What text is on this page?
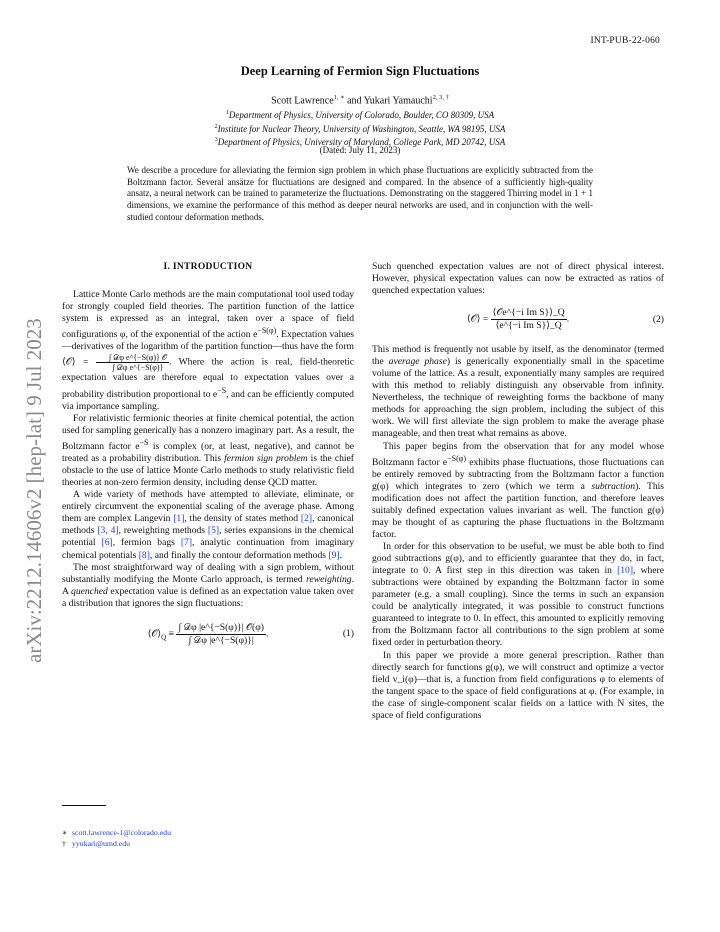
INT-PUB-22-060
arXiv:2212.14606v2 [hep-lat] 9 Jul 2023
Deep Learning of Fermion Sign Fluctuations
Scott Lawrence$^{1, ∗}$ and Yukari Yamauchi$^{2, 3, \dagger}$
$^1$Department of Physics, University of Colorado, Boulder, CO 80309, USA
$^2$Institute for Nuclear Theory, University of Washington, Seattle, WA 98195, USA
$^3$Department of Physics, University of Maryland, College Park, MD 20742, USA
(Dated: July 11, 2023)
We describe a procedure for alleviating the fermion sign problem in which phase fluctuations are explicitly subtracted from the Boltzmann factor. Several ansätze for fluctuations are designed and compared. In the absence of a sufficiently high-quality ansatz, a neural network can be trained to parameterize the fluctuations. Demonstrating on the staggered Thirring model in 1 + 1 dimensions, we examine the performance of this method as deeper neural networks are used, and in conjunction with the well-studied contour deformation methods.
I. INTRODUCTION

Lattice Monte Carlo methods are the main computational tool used today for strongly coupled field theories. The partition function of the lattice system is expressed as an integral, taken over a space of field configurations φ, of the exponential of the action $e^{-S(\varphi)}$. Expectation values—derivatives of the logarithm of the partition function—thus have the form ⟨𝒪⟩ = $\frac{\text{∫ 𝒟φ e\textasciicircum{}\{−S(φ)\} 𝒪}}{\text{∫ 𝒟φ e\textasciicircum{}\{−S(φ)\}}}$ . Where the action is real, field-theoretic expectation values are therefore equal to expectation values over a probability distribution proportional to $e^{-S}$, and can be efficiently computed via importance sampling.

For relativistic fermionic theories at finite chemical potential, the action used for sampling generically has a nonzero imaginary part. As a result, the Boltzmann factor $e^{-S}$ is complex (or, at least, negative), and cannot be treated as a probability distribution. This fermion sign problem is the chief obstacle to the use of lattice Monte Carlo methods to study relativistic field theories at non-zero fermion density, including dense QCD matter.

A wide variety of methods have attempted to alleviate, eliminate, or entirely circumvent the exponential scaling of the average phase. Among them are complex Langevin [1], the density of states method [2], canonical methods [3, 4], reweighting methods [5], series expansions in the chemical potential [6], fermion bags [7], analytic continuation from imaginary chemical potentials [8], and finally the contour deformation methods [9].

The most straightforward way of dealing with a sign problem, without substantially modifying the Monte Carlo approach, is termed reweighting. A quenched expectation value is defined as an expectation value taken over a distribution that ignores the sign fluctuations:

$⟨𝒪⟩_Q \equiv \frac{\text{∫ 𝒟φ |e\textasciicircum{}\{−S(φ)\}| 𝒪(φ)}}{\text{∫ 𝒟φ |e\textasciicircum{}\{−S(φ)\}|}}$ .	(1)

Such quenched expectation values are not of direct physical interest. However, physical expectation values can now be extracted as ratios of quenched expectation values:

⟨𝒪⟩ = $\frac{\text{⟨𝒪e\textasciicircum{}\{−i Im S\}⟩\_Q}}{\text{⟨e\textasciicircum{}\{−i Im S\}⟩\_Q}}$ .	(2)

This method is frequently not usable by itself, as the denominator (termed the average phase) is generically exponentially small in the spacetime volume of the lattice. As a result, exponentially many samples are required with this method to reliably distinguish any observable from infinity. Nevertheless, the technique of reweighting forms the backbone of many methods for approaching the sign problem, including the subject of this work. We will first alleviate the sign problem to make the average phase manageable, and then treat what remains as above.

This paper begins from the observation that for any model whose Boltzmann factor $e^{-S(\varphi)}$ exhibits phase fluctuations, those fluctuations can be entirely removed by subtracting from the Boltzmann factor a function g(φ) which integrates to zero (which we term a subtraction). This modification does not affect the partition function, and therefore leaves suitably defined expectation values invariant as well. The function g(φ) may be thought of as capturing the phase fluctuations in the Boltzmann factor.

In order for this observation to be useful, we must be able both to find good subtractions g(φ), and to efficiently guarantee that they do, in fact, integrate to 0. A first step in this direction was taken in [10], where subtractions were obtained by expanding the Boltzmann factor in some parameter (e.g. a small coupling). Since the terms in such an expansion could be analytically integrated, it was possible to construct functions guaranteed to integrate to 0. In effect, this amounted to explicitly removing from the Boltzmann factor all contributions to the sign problem at some fixed order in perturbation theory.

In this paper we provide a more general prescription. Rather than directly search for functions g(φ), we will construct and optimize a vector field v_i(φ)—that is, a function from field configurations φ to elements of the tangent space to the space of field configurations at φ. (For example, in the case of single-component scalar fields on a lattice with N sites, the space of field configurations

∗ scott.lawrence-1@colorado.edu
† yyukari@umd.edu
